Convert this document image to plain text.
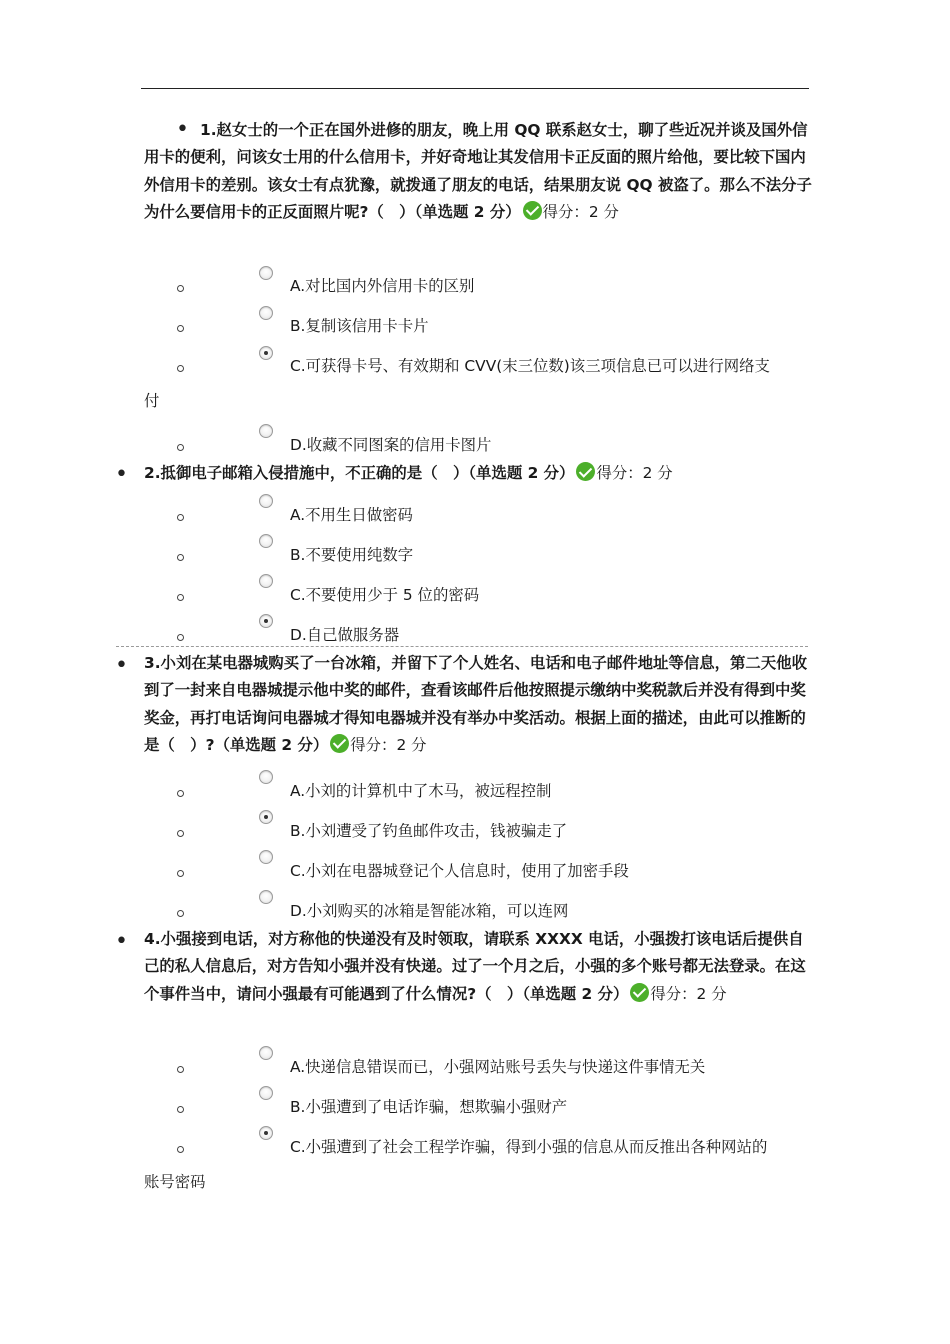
• 1.赵女士的一个正在国外进修的朋友，晚上用 QQ 联系赵女士，聊了些近况并谈及国外信用卡的便利，问该女士用的什么信用卡，并好奇地让其发信用卡正反面的照片给他，要比较下国内外信用卡的差别。该女士有点犹豫，就拨通了朋友的电话，结果朋友说 QQ 被盗了。那么不法分子为什么要信用卡的正反面照片呢?（　）（单选题 2 分） 得分：2 分
A.对比国内外信用卡的区别
B.复制该信用卡卡片
C.可获得卡号、有效期和 CVV(末三位数)该三项信息已可以进行网络支
付
D.收藏不同图案的信用卡图片
• 2.抵御电子邮箱入侵措施中，不正确的是（　）（单选题 2 分） 得分：2 分
A.不用生日做密码
B.不要使用纯数字
C.不要使用少于 5 位的密码
D.自己做服务器
• 3.小刘在某电器城购买了一台冰箱，并留下了个人姓名、电话和电子邮件地址等信息，第二天他收到了一封来自电器城提示他中奖的邮件，查看该邮件后他按照提示缴纳中奖税款后并没有得到中奖奖金，再打电话询问电器城才得知电器城并没有举办中奖活动。根据上面的描述，由此可以推断的是（　）?（单选题 2 分） 得分：2 分
A.小刘的计算机中了木马，被远程控制
B.小刘遭受了钓鱼邮件攻击，钱被骗走了
C.小刘在电器城登记个人信息时，使用了加密手段
D.小刘购买的冰箱是智能冰箱，可以连网
• 4.小强接到电话，对方称他的快递没有及时领取，请联系 XXXX 电话，小强拨打该电话后提供自己的私人信息后，对方告知小强并没有快递。过了一个月之后，小强的多个账号都无法登录。在这个事件当中，请问小强最有可能遇到了什么情况?（　）（单选题 2 分） 得分：2 分
A.快递信息错误而已，小强网站账号丢失与快递这件事情无关
B.小强遭到了电话诈骗，想欺骗小强财产
C.小强遭到了社会工程学诈骗，得到小强的信息从而反推出各种网站的
账号密码
